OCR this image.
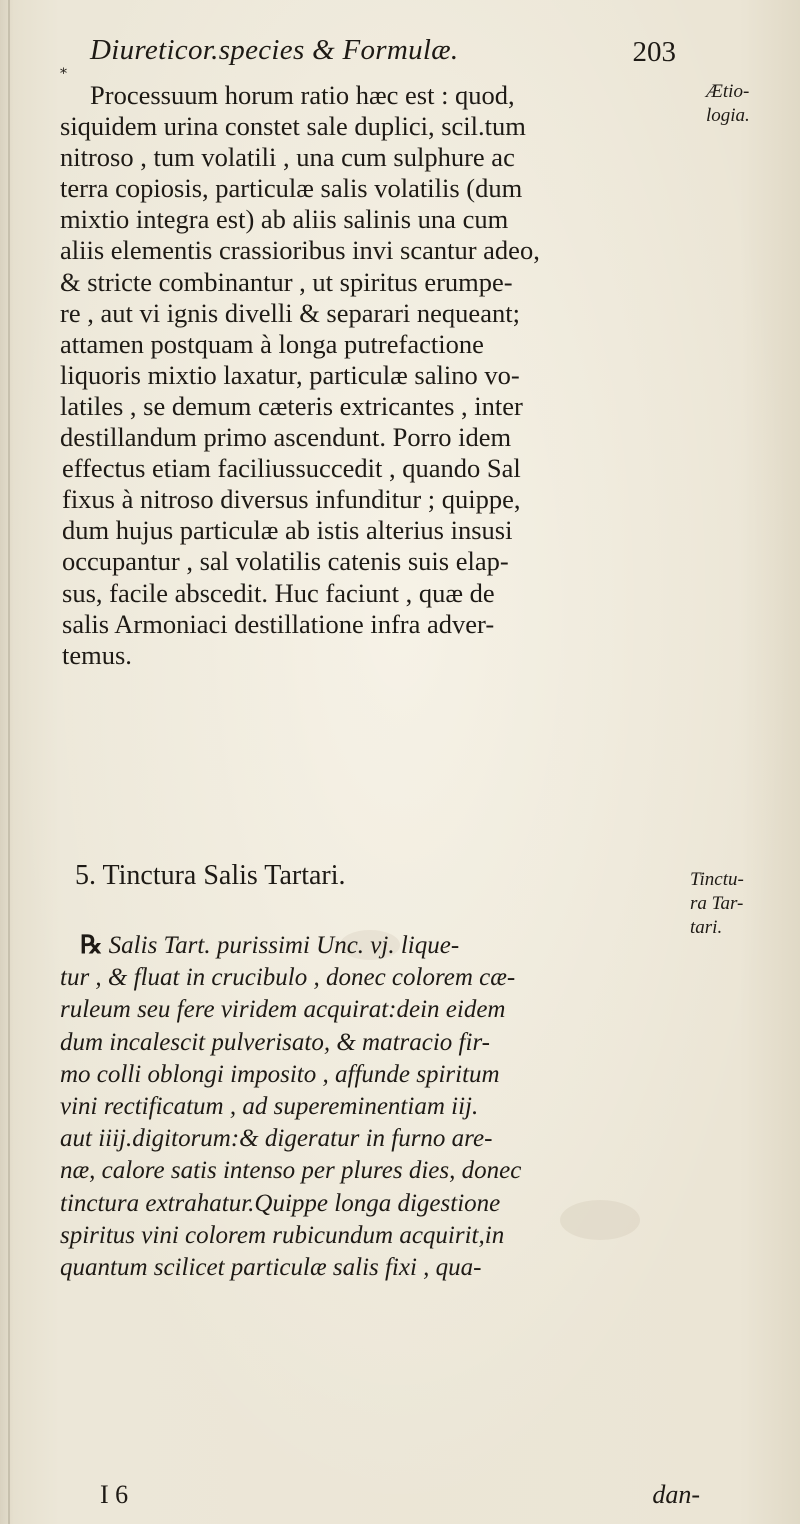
*
Diureticor.species & Formulæ.	203
Ætio-
logia.
Processuum horum ratio hæc est : quod,
siquidem urina constet sale duplici, scil.tum
nitroso , tum volatili , una cum sulphure ac
terra copiosis, particulæ salis volatilis (dum
mixtio integra est) ab aliis salinis una cum
aliis elementis crassioribus invi scantur adeo,
& stricte combinantur , ut spiritus erumpe-
re , aut vi ignis divelli & separari nequeant;
attamen postquam à longa putrefactione
liquoris mixtio laxatur, particulæ salino vo-
latiles , se demum cæteris extricantes , inter
destillandum primo ascendunt. Porro idem
effectus etiam faciliussuccedit , quando Sal
fixus à nitroso diversus infunditur ; quippe,
dum hujus particulæ ab istis alterius insusi
occupantur , sal volatilis catenis suis elap-
sus, facile abscedit. Huc faciunt , quæ de
salis Armoniaci destillatione infra adver-
temus.
5. Tinctura Salis Tartari.	Tinctu-
ra Tar-
tari.
℞ Salis Tart. purissimi Unc. vj. lique-
tur , & fluat in crucibulo , donec colorem cæ-
ruleum seu fere viridem acquirat:dein eidem
dum incalescit pulverisato, & matracio fir-
mo colli oblongi imposito , affunde spiritum
vini rectificatum , ad supereminentiam iij.
aut iiij.digitorum:& digeratur in furno are-
næ, calore satis intenso per plures dies, donec
tinctura extrahatur.Quippe longa digestione
spiritus vini colorem rubicundum acquirit,in
quantum scilicet particulæ salis fixi , qua-
I 6	dan-
